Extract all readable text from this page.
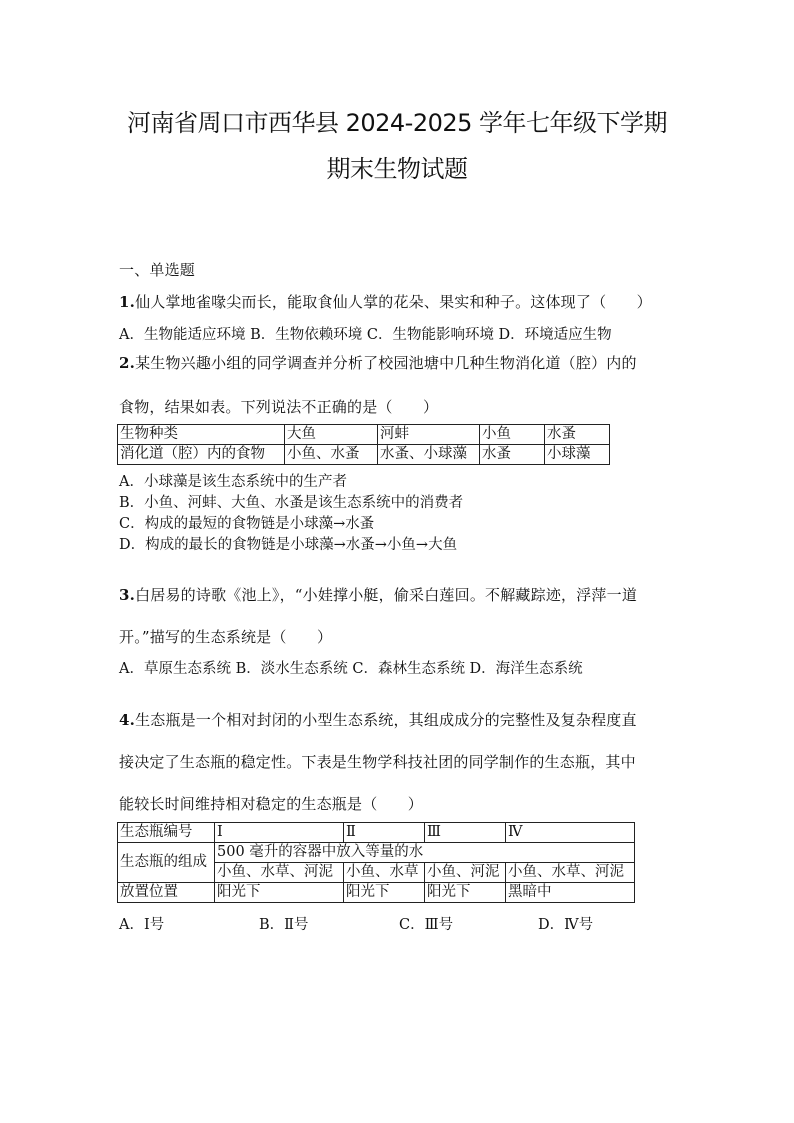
河南省周口市西华县 2024-2025 学年七年级下学期
期末生物试题
一、单选题
1.仙人掌地雀喙尖而长，能取食仙人掌的花朵、果实和种子。这体现了（　　）
A．生物能适应环境 B．生物依赖环境 C．生物能影响环境 D．环境适应生物
2.某生物兴趣小组的同学调查并分析了校园池塘中几种生物消化道（腔）内的
食物，结果如表。下列说法不正确的是（　　）
生物种类	大鱼	河蚌	小鱼	水蚤
消化道（腔）内的食物	小鱼、水蚤	水蚤、小球藻	水蚤	小球藻
A．小球藻是该生态系统中的生产者
B．小鱼、河蚌、大鱼、水蚤是该生态系统中的消费者
C．构成的最短的食物链是小球藻→水蚤
D．构成的最长的食物链是小球藻→水蚤→小鱼→大鱼
3.白居易的诗歌《池上》，“小娃撑小艇，偷采白莲回。不解藏踪迹，浮萍一道
开。”描写的生态系统是（　　）
A．草原生态系统 B．淡水生态系统 C．森林生态系统 D．海洋生态系统
4.生态瓶是一个相对封闭的小型生态系统，其组成成分的完整性及复杂程度直
接决定了生态瓶的稳定性。下表是生物学科技社团的同学制作的生态瓶，其中
能较长时间维持相对稳定的生态瓶是（　　）
生态瓶编号	Ⅰ	Ⅱ	Ⅲ	Ⅳ
生态瓶的组成	500 毫升的容器中放入等量的水			
	小鱼、水草、河泥	小鱼、水草	小鱼、河泥	小鱼、水草、河泥
放置位置	阳光下	阳光下	阳光下	黑暗中
A．Ⅰ号	B．Ⅱ号	C．Ⅲ号	D．Ⅳ号
